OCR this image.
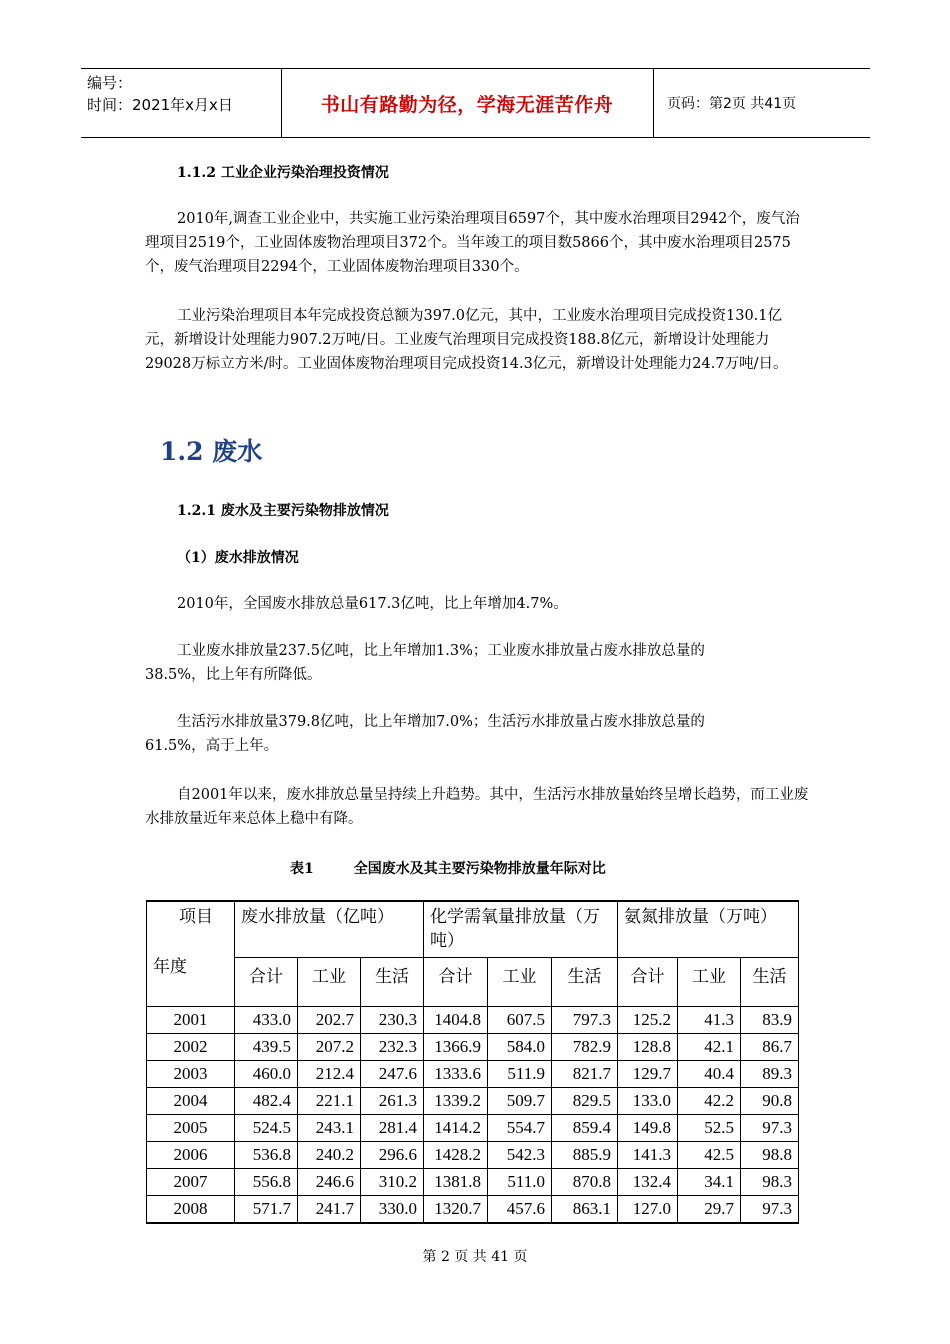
编号：
时间：2021年x月x日	书山有路勤为径，学海无涯苦作舟	页码：第2页 共41页
1.1.2 工业企业污染治理投资情况

2010年,调查工业企业中，共实施工业污染治理项目6597个，其中废水治理项目2942个，废气治理项目2519个，工业固体废物治理项目372个。当年竣工的项目数5866个，其中废水治理项目2575个，废气治理项目2294个，工业固体废物治理项目330个。

工业污染治理项目本年完成投资总额为397.0亿元，其中，工业废水治理项目完成投资130.1亿元，新增设计处理能力907.2万吨/日。工业废气治理项目完成投资188.8亿元，新增设计处理能力29028万标立方米/时。工业固体废物治理项目完成投资14.3亿元，新增设计处理能力24.7万吨/日。

1.2 废水
1.2.1 废水及主要污染物排放情况
（1）废水排放情况

2010年，全国废水排放总量617.3亿吨，比上年增加4.7%。

工业废水排放量237.5亿吨，比上年增加1.3%；工业废水排放量占废水排放总量的38.5%，比上年有所降低。

生活污水排放量379.8亿吨，比上年增加7.0%；生活污水排放量占废水排放总量的61.5%，高于上年。

自2001年以来，废水排放总量呈持续上升趋势。其中，生活污水排放量始终呈增长趋势，而工业废水排放量近年来总体上稳中有降。

表1	全国废水及其主要污染物排放量年际对比
项目
年度	废水排放量（亿吨）			化学需氧量排放量（万吨）			氨氮排放量（万吨）		
	合计	工业	生活	合计	工业	生活	合计	工业	生活
2001	433.0	202.7	230.3	1404.8	607.5	797.3	125.2	41.3	83.9
2002	439.5	207.2	232.3	1366.9	584.0	782.9	128.8	42.1	86.7
2003	460.0	212.4	247.6	1333.6	511.9	821.7	129.7	40.4	89.3
2004	482.4	221.1	261.3	1339.2	509.7	829.5	133.0	42.2	90.8
2005	524.5	243.1	281.4	1414.2	554.7	859.4	149.8	52.5	97.3
2006	536.8	240.2	296.6	1428.2	542.3	885.9	141.3	42.5	98.8
2007	556.8	246.6	310.2	1381.8	511.0	870.8	132.4	34.1	98.3
2008	571.7	241.7	330.0	1320.7	457.6	863.1	127.0	29.7	97.3
第 2 页 共 41 页
